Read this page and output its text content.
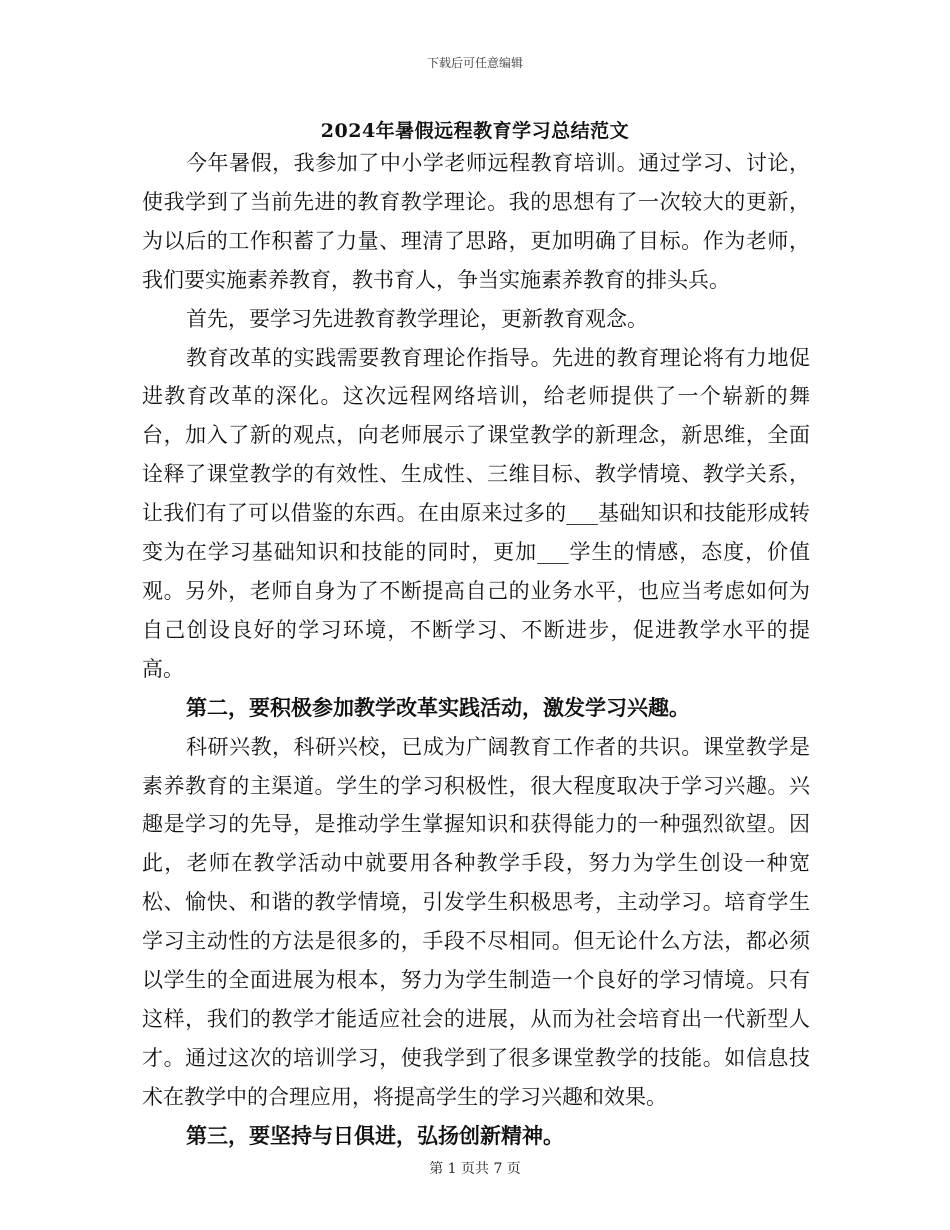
下载后可任意编辑
2024年暑假远程教育学习总结范文

今年暑假，我参加了中小学老师远程教育培训。通过学习、讨论，使我学到了当前先进的教育教学理论。我的思想有了一次较大的更新，为以后的工作积蓄了力量、理清了思路，更加明确了目标。作为老师，我们要实施素养教育，教书育人，争当实施素养教育的排头兵。

首先，要学习先进教育教学理论，更新教育观念。

教育改革的实践需要教育理论作指导。先进的教育理论将有力地促进教育改革的深化。这次远程网络培训，给老师提供了一个崭新的舞台，加入了新的观点，向老师展示了课堂教学的新理念，新思维，全面诠释了课堂教学的有效性、生成性、三维目标、教学情境、教学关系，让我们有了可以借鉴的东西。在由原来过多的___基础知识和技能形成转变为在学习基础知识和技能的同时，更加___学生的情感，态度，价值观。另外，老师自身为了不断提高自己的业务水平，也应当考虑如何为自己创设良好的学习环境，不断学习、不断进步，促进教学水平的提高。

第二，要积极参加教学改革实践活动，激发学习兴趣。

科研兴教，科研兴校，已成为广阔教育工作者的共识。课堂教学是素养教育的主渠道。学生的学习积极性，很大程度取决于学习兴趣。兴趣是学习的先导，是推动学生掌握知识和获得能力的一种强烈欲望。因此，老师在教学活动中就要用各种教学手段，努力为学生创设一种宽松、愉快、和谐的教学情境，引发学生积极思考，主动学习。培育学生学习主动性的方法是很多的，手段不尽相同。但无论什么方法，都必须以学生的全面进展为根本，努力为学生制造一个良好的学习情境。只有这样，我们的教学才能适应社会的进展，从而为社会培育出一代新型人才。通过这次的培训学习，使我学到了很多课堂教学的技能。如信息技术在教学中的合理应用，将提高学生的学习兴趣和效果。

第三，要坚持与日俱进，弘扬创新精神。

第 1 页共 7 页
